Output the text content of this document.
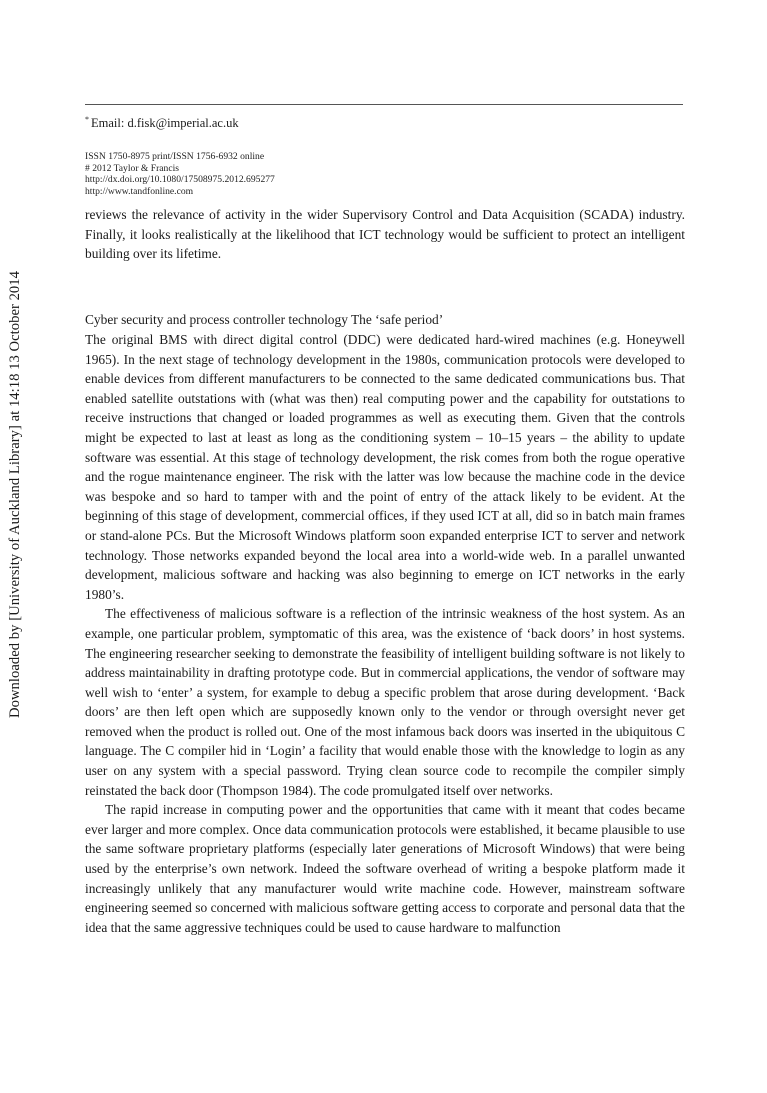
* Email: d.fisk@imperial.ac.uk
ISSN 1750-8975 print/ISSN 1756-6932 online
# 2012 Taylor & Francis
http://dx.doi.org/10.1080/17508975.2012.695277
http://www.tandfonline.com
Downloaded by [University of Auckland Library] at 14:18 13 October 2014

reviews the relevance of activity in the wider Supervisory Control and Data Acquisition (SCADA) industry. Finally, it looks realistically at the likelihood that ICT technology would be sufficient to protect an intelligent building over its lifetime.

Cyber security and process controller technology The ‘safe period’

The original BMS with direct digital control (DDC) were dedicated hard-wired machines (e.g. Honeywell 1965). In the next stage of technology development in the 1980s, communication protocols were developed to enable devices from different manufacturers to be connected to the same dedicated communications bus. That enabled satellite outstations with (what was then) real computing power and the capability for outstations to receive instructions that changed or loaded programmes as well as executing them. Given that the controls might be expected to last at least as long as the conditioning system – 10–15 years – the ability to update software was essential. At this stage of technology development, the risk comes from both the rogue operative and the rogue maintenance engineer. The risk with the latter was low because the machine code in the device was bespoke and so hard to tamper with and the point of entry of the attack likely to be evident. At the beginning of this stage of development, commercial offices, if they used ICT at all, did so in batch main frames or stand-alone PCs. But the Microsoft Windows platform soon expanded enterprise ICT to server and network technology. Those networks expanded beyond the local area into a world-wide web. In a parallel unwanted development, malicious software and hacking was also beginning to emerge on ICT networks in the early 1980’s.

The effectiveness of malicious software is a reflection of the intrinsic weakness of the host system. As an example, one particular problem, symptomatic of this area, was the existence of ‘back doors’ in host systems. The engineering researcher seeking to demonstrate the feasibility of intelligent building software is not likely to address maintainability in drafting prototype code. But in commercial applications, the vendor of software may well wish to ‘enter’ a system, for example to debug a specific problem that arose during development. ‘Back doors’ are then left open which are supposedly known only to the vendor or through oversight never get removed when the product is rolled out. One of the most infamous back doors was inserted in the ubiquitous C language. The C compiler hid in ‘Login’ a facility that would enable those with the knowledge to login as any user on any system with a special password. Trying clean source code to recompile the compiler simply reinstated the back door (Thompson 1984). The code promulgated itself over networks.

The rapid increase in computing power and the opportunities that came with it meant that codes became ever larger and more complex. Once data communication protocols were established, it became plausible to use the same software proprietary platforms (especially later generations of Microsoft Windows) that were being used by the enterprise’s own network. Indeed the software overhead of writing a bespoke platform made it increasingly unlikely that any manufacturer would write machine code. However, mainstream software engineering seemed so concerned with malicious software getting access to corporate and personal data that the idea that the same aggressive techniques could be used to cause hardware to malfunction
